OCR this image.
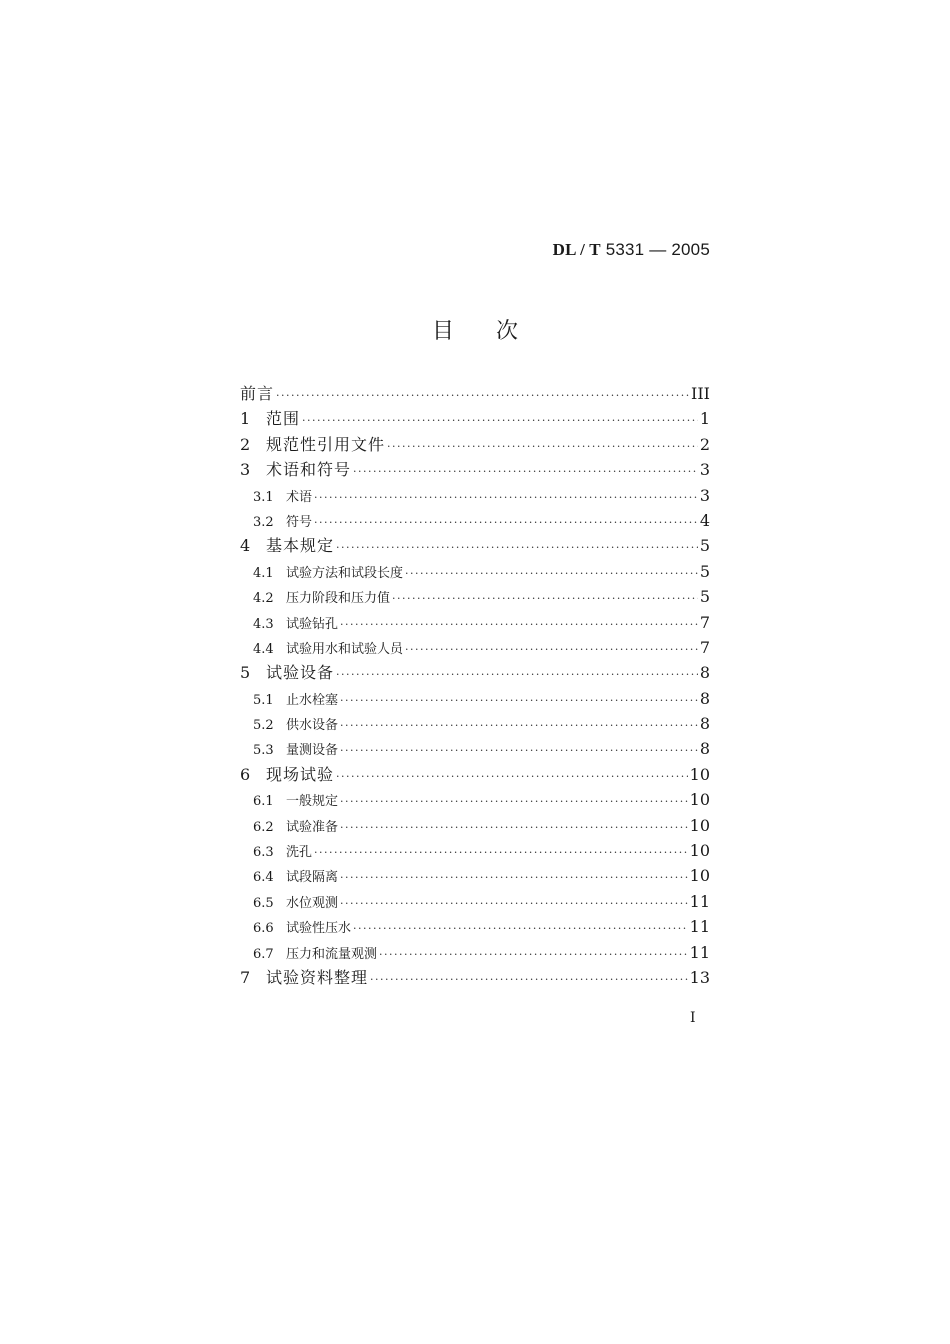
DL / T 5331 — 2005
目次
前言 ·····	III
1 范围 ·····	1
2 规范性引用文件 ·····	2
3 术语和符号 ·····	3
3.1 术语 ·····	3
3.2 符号 ·····	4
4 基本规定 ·····	5
4.1 试验方法和试段长度 ·····	5
4.2 压力阶段和压力值 ·····	5
4.3 试验钻孔 ·····	7
4.4 试验用水和试验人员 ·····	7
5 试验设备 ·····	8
5.1 止水栓塞 ·····	8
5.2 供水设备 ·····	8
5.3 量测设备 ·····	8
6 现场试验 ·····	10
6.1 一般规定 ·····	10
6.2 试验准备 ·····	10
6.3 洗孔 ·····	10
6.4 试段隔离 ·····	10
6.5 水位观测 ·····	11
6.6 试验性压水 ·····	11
6.7 压力和流量观测 ·····	11
7 试验资料整理 ·····	13
I
